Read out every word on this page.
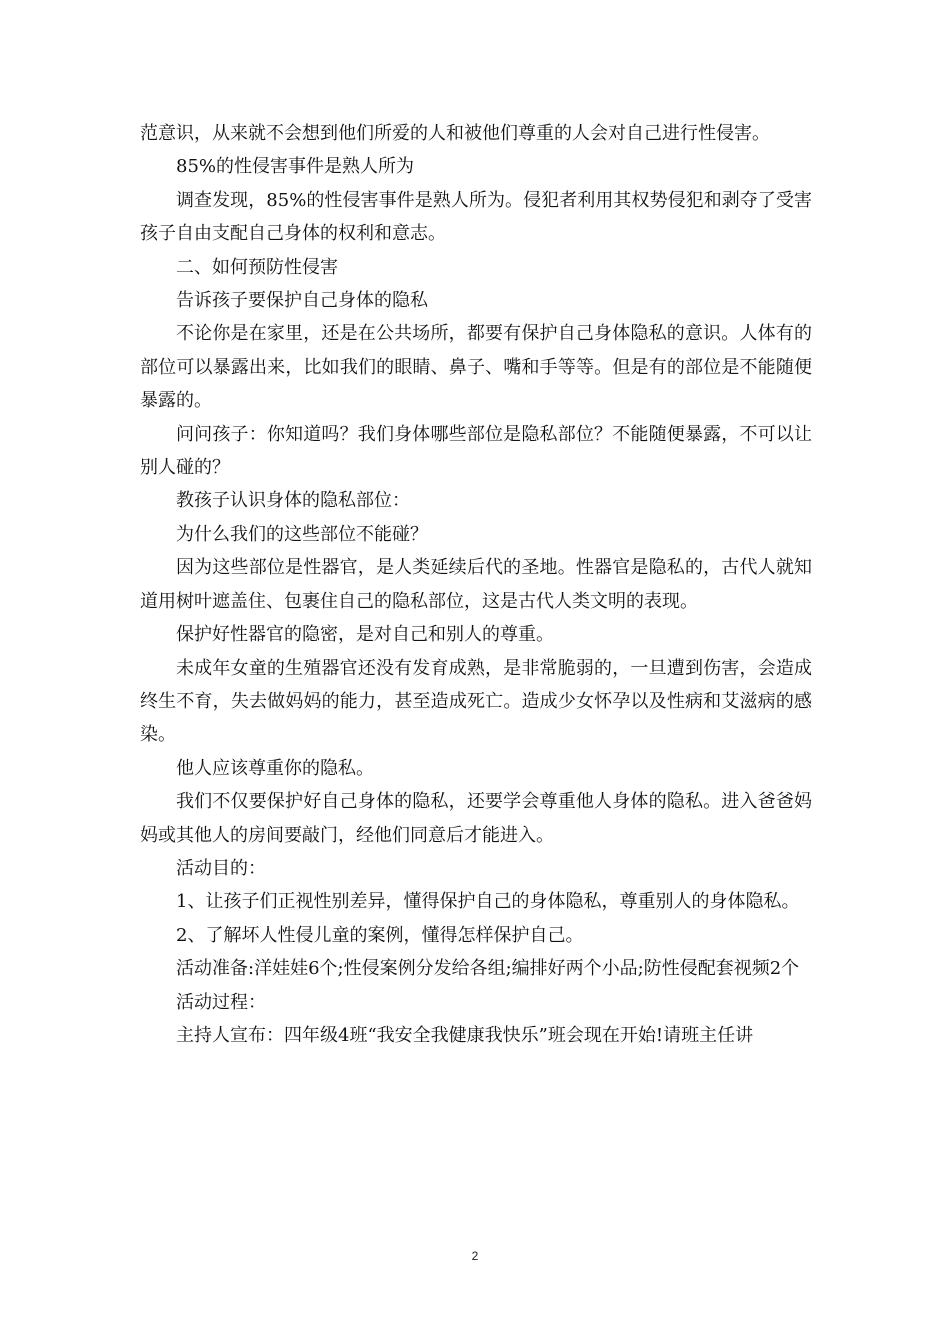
范意识，从来就不会想到他们所爱的人和被他们尊重的人会对自己进行性侵害。

85%的性侵害事件是熟人所为

调查发现，85%的性侵害事件是熟人所为。侵犯者利用其权势侵犯和剥夺了受害孩子自由支配自己身体的权利和意志。

二、如何预防性侵害

告诉孩子要保护自己身体的隐私

不论你是在家里，还是在公共场所，都要有保护自己身体隐私的意识。人体有的部位可以暴露出来，比如我们的眼睛、鼻子、嘴和手等等。但是有的部位是不能随便暴露的。

问问孩子：你知道吗？我们身体哪些部位是隐私部位？不能随便暴露，不可以让别人碰的？

教孩子认识身体的隐私部位：

为什么我们的这些部位不能碰？

因为这些部位是性器官，是人类延续后代的圣地。性器官是隐私的，古代人就知道用树叶遮盖住、包裹住自己的隐私部位，这是古代人类文明的表现。

保护好性器官的隐密，是对自己和别人的尊重。

未成年女童的生殖器官还没有发育成熟，是非常脆弱的，一旦遭到伤害，会造成终生不育，失去做妈妈的能力，甚至造成死亡。造成少女怀孕以及性病和艾滋病的感染。

他人应该尊重你的隐私。

我们不仅要保护好自己身体的隐私，还要学会尊重他人身体的隐私。进入爸爸妈妈或其他人的房间要敲门，经他们同意后才能进入。

活动目的：

1、让孩子们正视性别差异，懂得保护自己的身体隐私，尊重别人的身体隐私。

2、了解坏人性侵儿童的案例，懂得怎样保护自己。

活动准备:洋娃娃6个;性侵案例分发给各组;编排好两个小品;防性侵配套视频2个

活动过程：

主持人宣布：四年级4班“我安全我健康我快乐”班会现在开始!请班主任讲

2
